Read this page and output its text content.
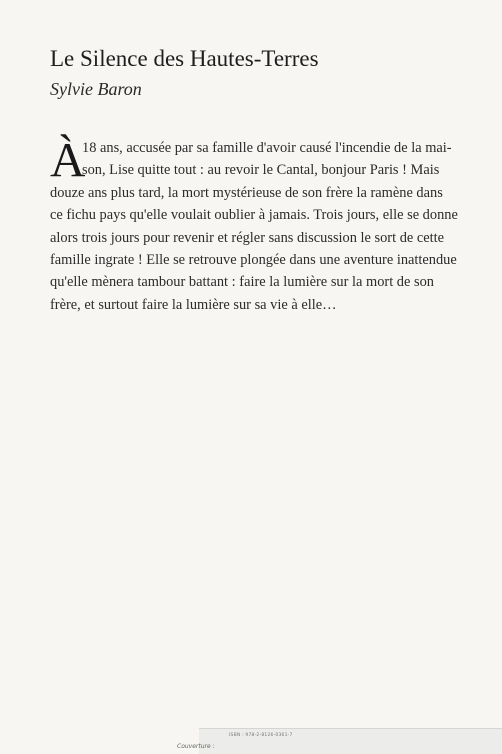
Le Silence des Hautes-Terres
Sylvie Baron
À
18 ans, accusée par sa famille d'avoir causé l'incendie de la mai-
son, Lise quitte tout : au revoir le Cantal, bonjour Paris ! Mais
douze ans plus tard, la mort mystérieuse de son frère la ramène dans
ce fichu pays qu'elle voulait oublier à jamais. Trois jours, elle se donne
alors trois jours pour revenir et régler sans discussion le sort de cette
famille ingrate ! Elle se retrouve plongée dans une aventure inattendue
qu'elle mènera tambour battant : faire la lumière sur la mort de son
frère, et surtout faire la lumière sur sa vie à elle…
ISBN : 978-2-8126-0361-7
Couverture :
